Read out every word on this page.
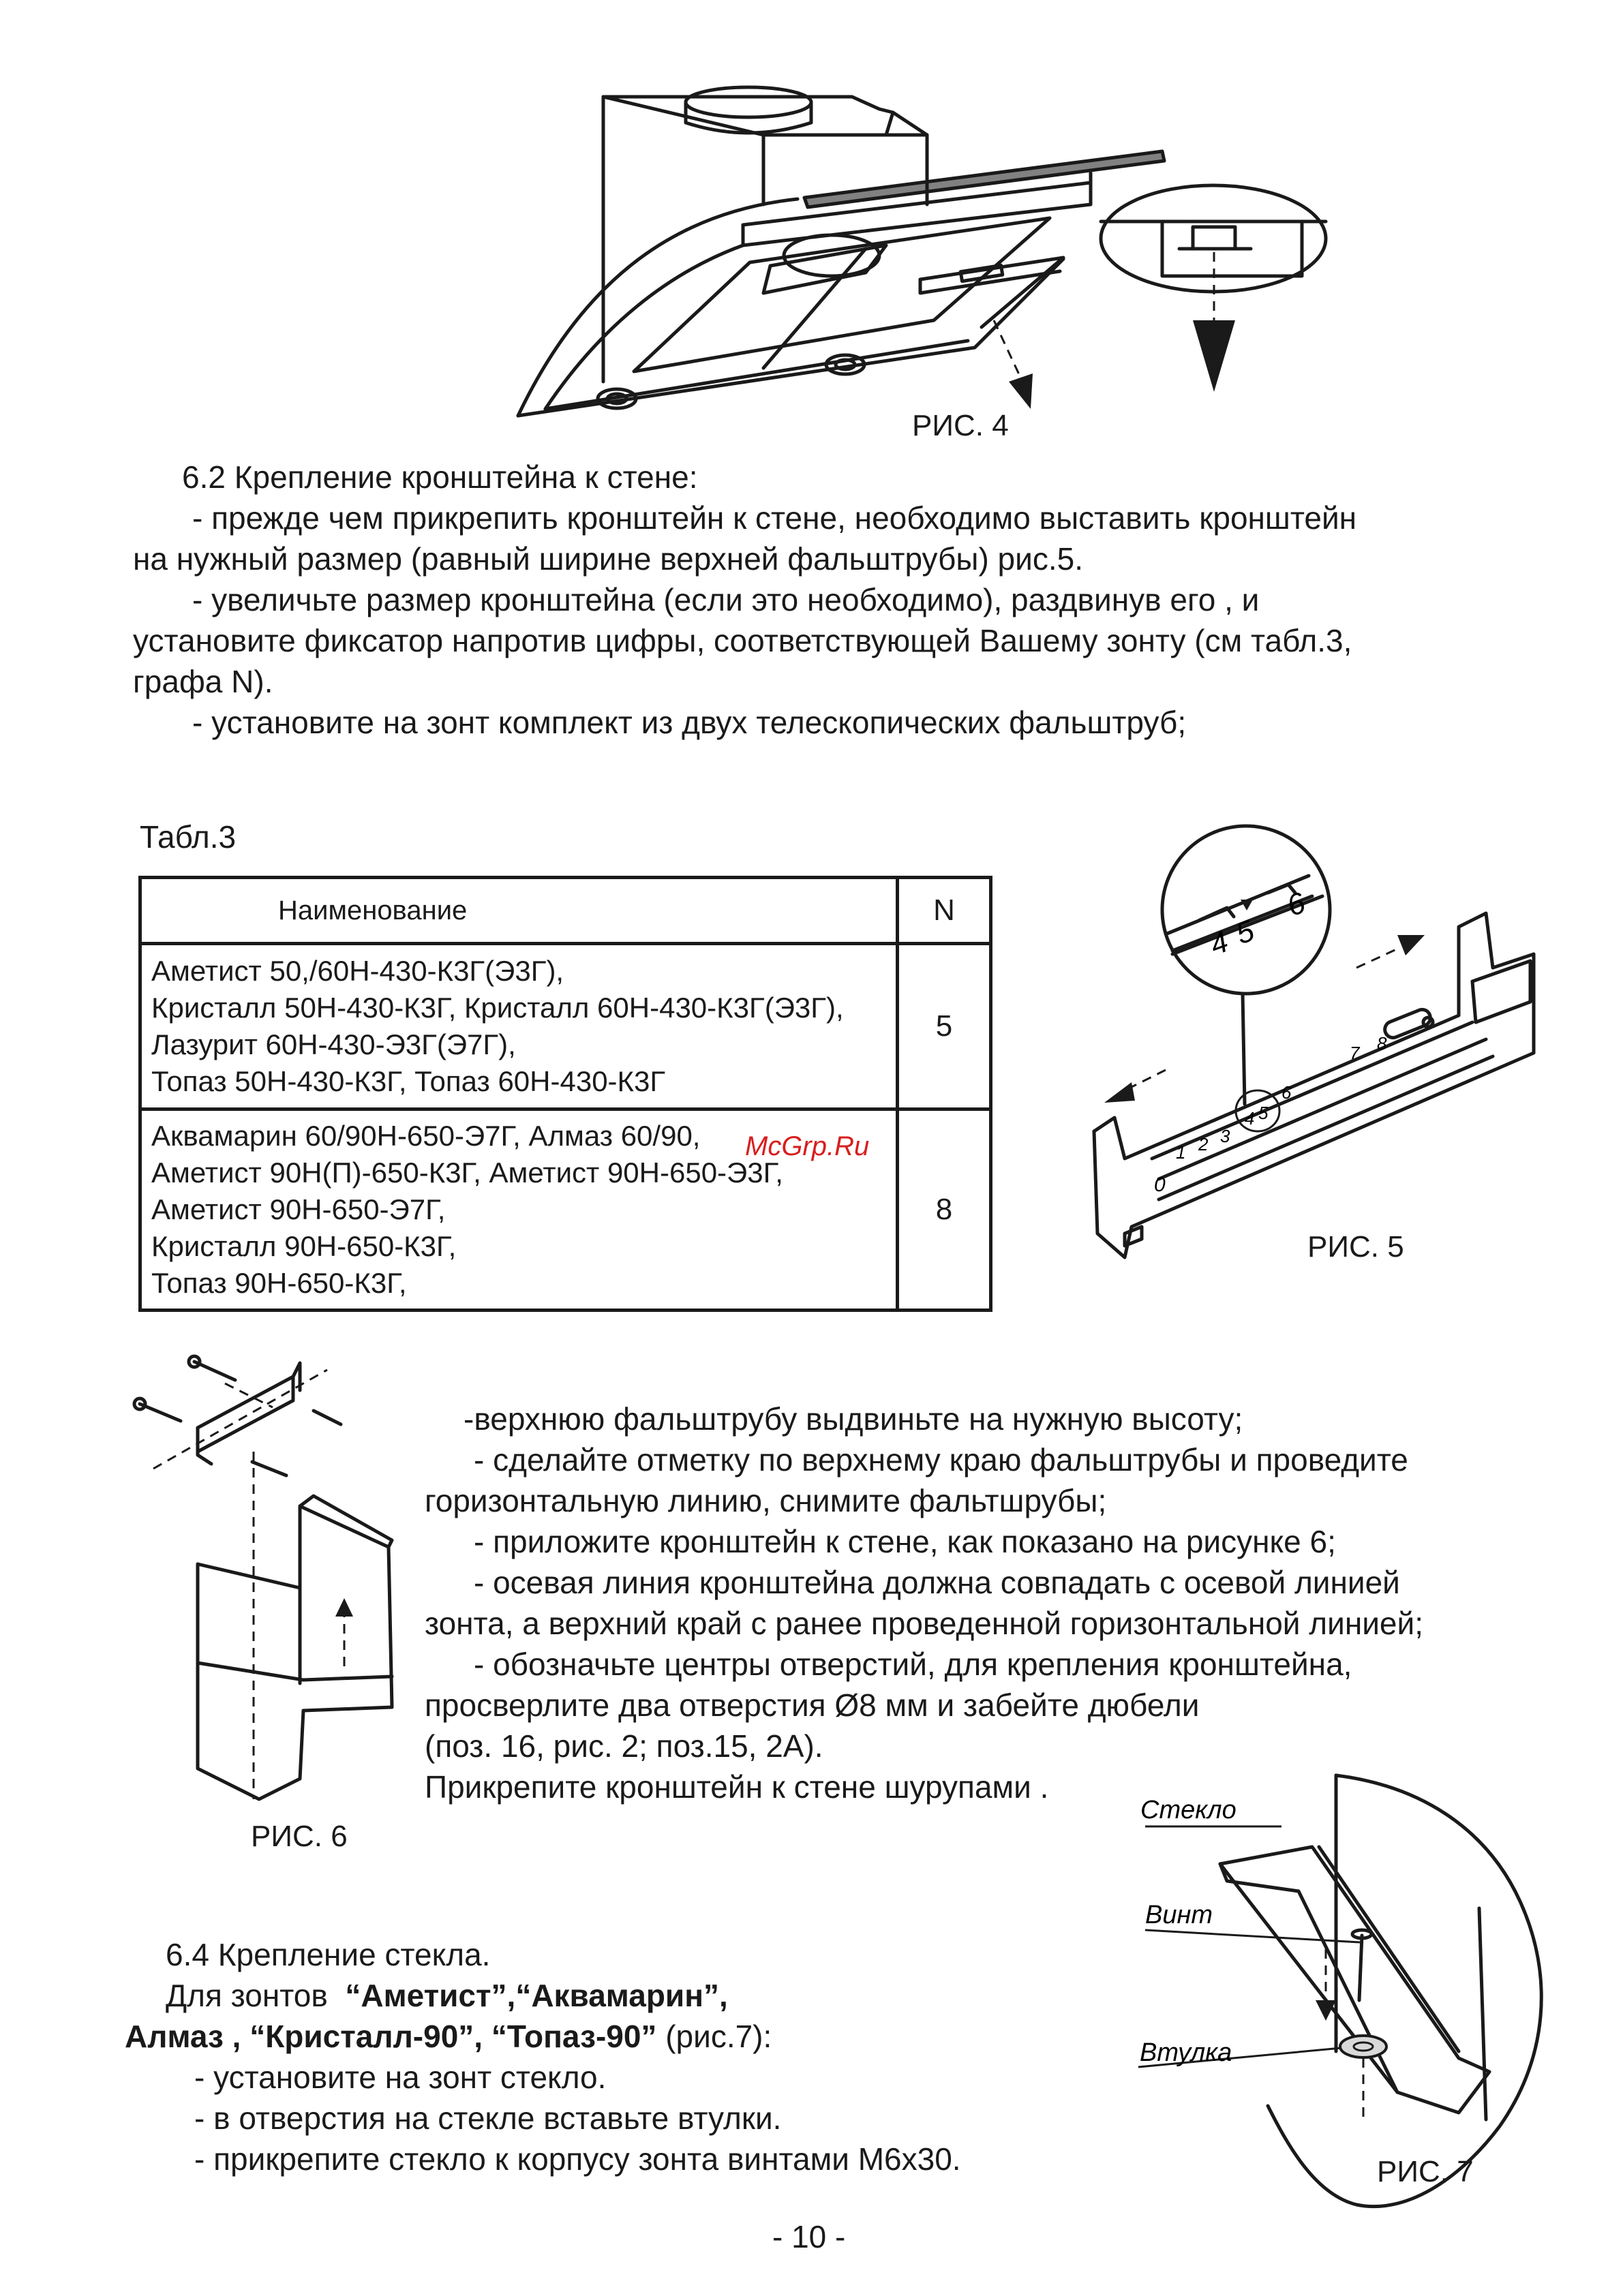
РИС. 4
6.2 Крепление кронштейна к стене:
- прежде чем прикрепить кронштейн к стене, необходимо выставить кронштейн
на нужный размер (равный ширине верхней фальштрубы) рис.5.
- увеличьте размер кронштейна (если это необходимо), раздвинув его , и
установите фиксатор напротив цифры, соответствующей Вашему зонту (см табл.3,
графа N).
- установите на зонт комплект из двух телескопических фальштруб;
Табл.3
Наименование	N

Аметист 50,/60Н-430-К3Г(Э3Г),
Кристалл 50Н-430-К3Г, Кристалл 60Н-430-К3Г(Э3Г),
Лазурит 60Н-430-Э3Г(Э7Г),
Топаз 50Н-430-К3Г, Топаз 60Н-430-К3Г	5

Аквамарин 60/90Н-650-Э7Г, Алмаз 60/90,
Аметист 90Н(П)-650-К3Г, Аметист 90Н-650-Э3Г,
Аметист 90Н-650-Э7Г,
Кристалл 90Н-650-К3Г,
Топаз 90Н-650-К3Г,	8
McGrp.Ru
4
5
6
0
1 2 3
4 5
6
7 8
РИС. 5
РИС. 6
-верхнюю фальштрубу выдвиньте на нужную высоту;
- сделайте отметку по верхнему краю фальштрубы и проведите
горизонтальную линию, снимите фальтшрубы;
- приложите кронштейн к стене, как показано на рисунке 6;
- осевая линия кронштейна должна совпадать с осевой линией
зонта, а верхний край с ранее проведенной горизонтальной линией;
- обозначьте центры отверстий, для крепления кронштейна,
просверлите два отверстия Ø8 мм и забейте дюбели
(поз. 16, рис. 2; поз.15, 2А).
Прикрепите кронштейн к стене шурупами .
Стекло
Винт
Втулка
РИС. 7
6.4 Крепление стекла.
Для зонтов “Аметист”,“Аквамарин”,
Алмаз , “Кристалл-90”, “Топаз-90” (рис.7):
- установите на зонт стекло.
- в отверстия на стекле вставьте втулки.
- прикрепите стекло к корпусу зонта винтами М6х30.
- 10 -
